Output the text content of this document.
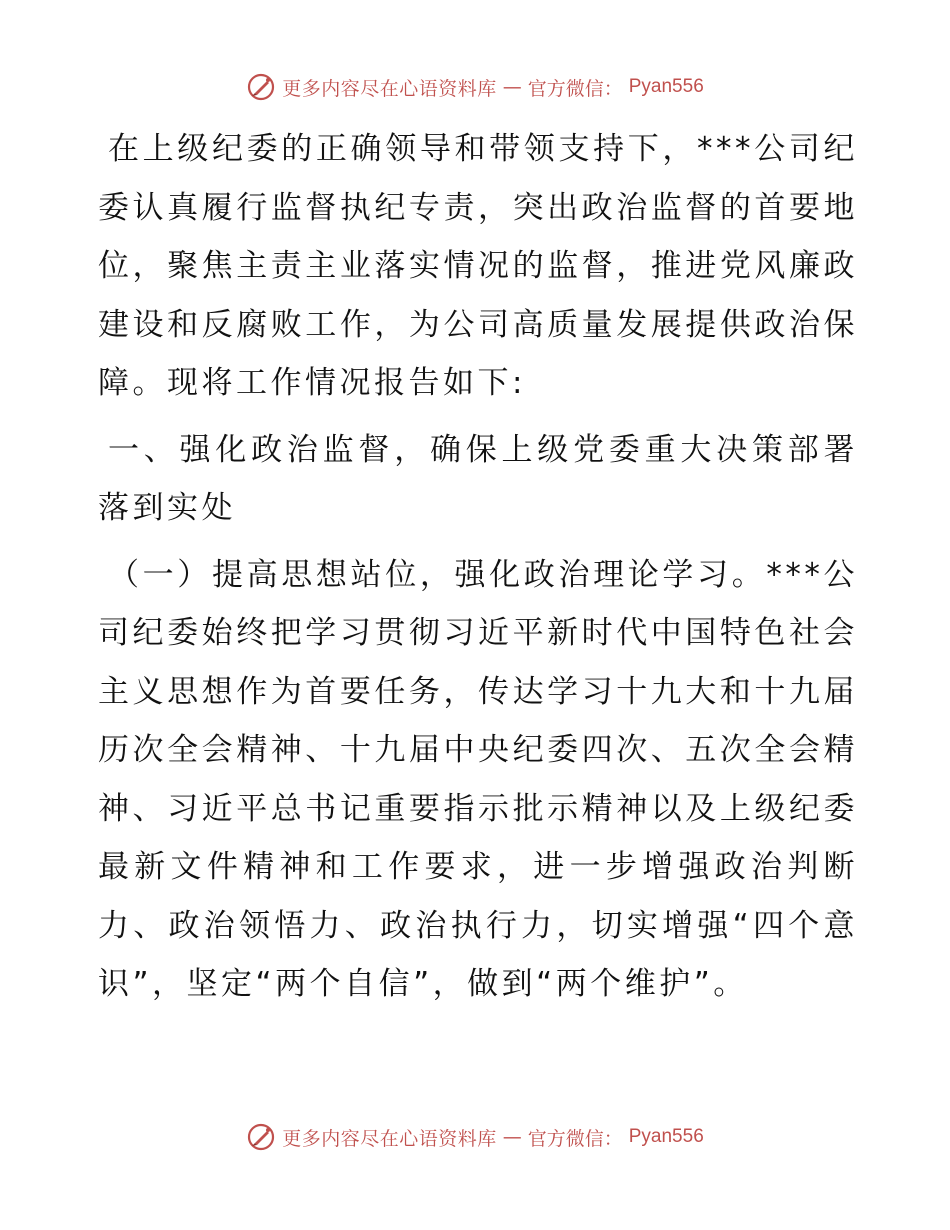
更多内容尽在心语资料库 — 官方微信： Pyan556

在上级纪委的正确领导和带领支持下，***公司纪委认真履行监督执纪专责，突出政治监督的首要地位，聚焦主责主业落实情况的监督，推进党风廉政建设和反腐败工作，为公司高质量发展提供政治保障。现将工作情况报告如下:

一、强化政治监督，确保上级党委重大决策部署落到实处

（一）提高思想站位，强化政治理论学习。***公司纪委始终把学习贯彻习近平新时代中国特色社会主义思想作为首要任务，传达学习十九大和十九届历次全会精神、十九届中央纪委四次、五次全会精神、习近平总书记重要指示批示精神以及上级纪委最新文件精神和工作要求，进一步增强政治判断力、政治领悟力、政治执行力，切实增强“四个意识”，坚定“两个自信”，做到“两个维护”。

更多内容尽在心语资料库 — 官方微信： Pyan556
